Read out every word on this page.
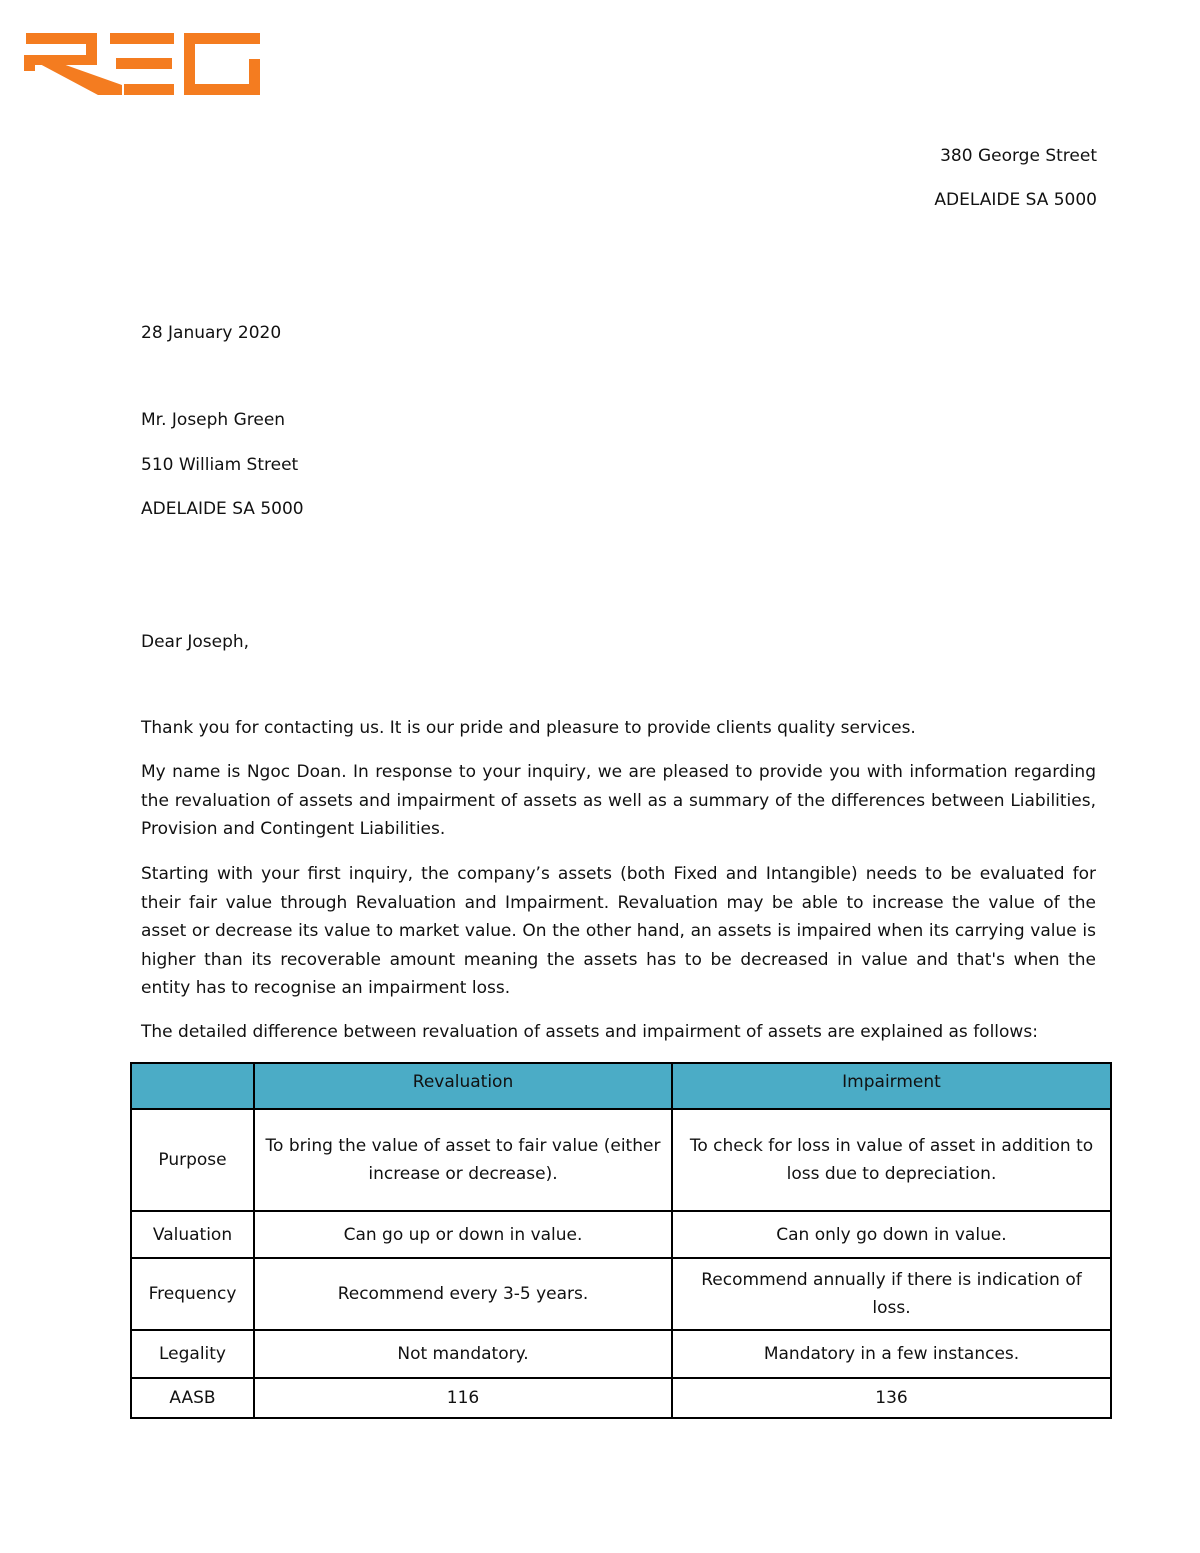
380 George Street
ADELAIDE SA 5000
28 January 2020
Mr. Joseph Green
510 William Street
ADELAIDE SA 5000
Dear Joseph,

Thank you for contacting us. It is our pride and pleasure to provide clients quality services.

My name is Ngoc Doan. In response to your inquiry, we are pleased to provide you with information regarding the revaluation of assets and impairment of assets as well as a summary of the differences between Liabilities, Provision and Contingent Liabilities.

Starting with your first inquiry, the company’s assets (both Fixed and Intangible) needs to be evaluated for their fair value through Revaluation and Impairment. Revaluation may be able to increase the value of the asset or decrease its value to market value. On the other hand, an assets is impaired when its carrying value is higher than its recoverable amount meaning the assets has to be decreased in value and that's when the entity has to recognise an impairment loss.

The detailed difference between revaluation of assets and impairment of assets are explained as follows:

	Revaluation	Impairment
Purpose	To bring the value of asset to fair value (either increase or decrease).	To check for loss in value of asset in addition to loss due to depreciation.
Valuation	Can go up or down in value.	Can only go down in value.
Frequency	Recommend every 3-5 years.	Recommend annually if there is indication of loss.
Legality	Not mandatory.	Mandatory in a few instances.
AASB	116	136
